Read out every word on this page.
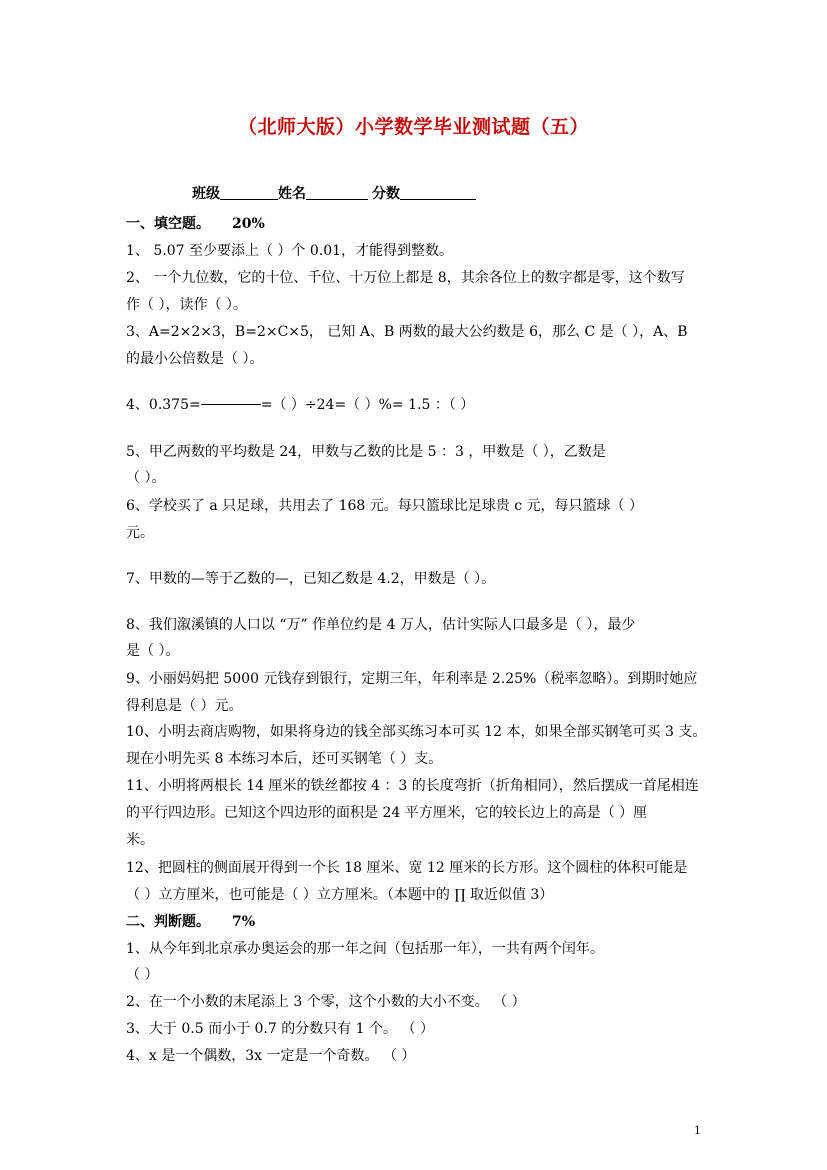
（北师大版）小学数学毕业测试题（五）
班级	姓名	分数
一、填空题。 20%
1、 5.07 至少要添上（ ）个 0.01，才能得到整数。
2、 一个九位数，它的十位、千位、十万位上都是 8，其余各位上的数字都是零，这个数写
作（ ），读作（ ）。
3、A=2×2×3，B=2×C×5， 已知 A、B 两数的最大公约数是 6，那么 C 是（ ），A、B
的最小公倍数是（ ）。
4、0.375=	=（ ）÷24=（ ）%= 1.5 ：（ ）
5、甲乙两数的平均数是 24，甲数与乙数的比是 5 ：3 ，甲数是（ ），乙数是
（ ）。
6、学校买了 a 只足球，共用去了 168 元。每只篮球比足球贵 c 元，每只篮球（ ）
元。
7、甲数的—等于乙数的—，已知乙数是 4.2，甲数是（ ）。
8、我们溆溪镇的人口以 “万” 作单位约是 4 万人，估计实际人口最多是（ ），最少
是（ ）。
9、小丽妈妈把 5000 元钱存到银行，定期三年，年利率是 2.25%（税率忽略）。到期时她应
得利息是（ ）元。
10、小明去商店购物，如果将身边的钱全部买练习本可买 12 本，如果全部买钢笔可买 3 支。
现在小明先买 8 本练习本后，还可买钢笔（ ）支。
11、小明将两根长 14 厘米的铁丝都按 4 ：3 的长度弯折（折角相同），然后摆成一首尾相连
的平行四边形。已知这个四边形的面积是 24 平方厘米，它的较长边上的高是（ ）厘
米。
12、把圆柱的侧面展开得到一个长 18 厘米、宽 12 厘米的长方形。这个圆柱的体积可能是
（ ）立方厘米，也可能是（ ）立方厘米。（本题中的 ∏ 取近似值 3）
二、判断题。 7%
1、从今年到北京承办奥运会的那一年之间（包括那一年），一共有两个闰年。
（ ）
2、在一个小数的末尾添上 3 个零，这个小数的大小不变。 （ ）
3、大于 0.5 而小于 0.7 的分数只有 1 个。 （ ）
4、x 是一个偶数，3x 一定是一个奇数。 （ ）
1
